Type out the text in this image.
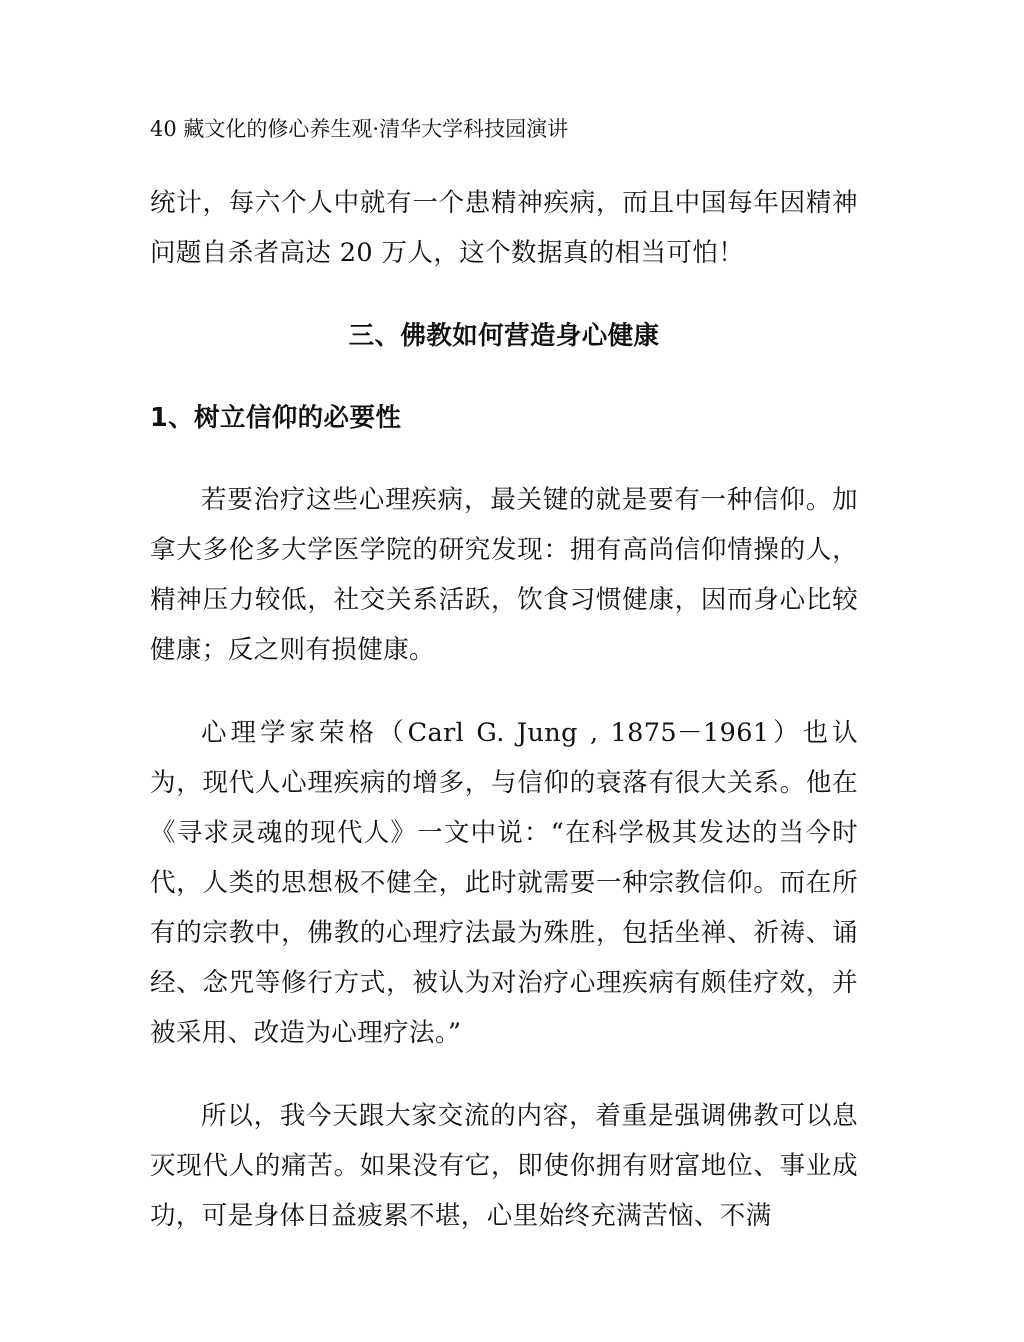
40 藏文化的修心养生观·清华大学科技园演讲

统计，每六个人中就有一个患精神疾病，而且中国每年因精神问题自杀者高达 20 万人，这个数据真的相当可怕！

三、佛教如何营造身心健康
1、树立信仰的必要性

若要治疗这些心理疾病，最关键的就是要有一种信仰。加拿大多伦多大学医学院的研究发现：拥有高尚信仰情操的人，精神压力较低，社交关系活跃，饮食习惯健康，因而身心比较健康；反之则有损健康。

心理学家荣格（Carl G. Jung , 1875－1961）也认为，现代人心理疾病的增多，与信仰的衰落有很大关系。他在《寻求灵魂的现代人》一文中说：“在科学极其发达的当今时代，人类的思想极不健全，此时就需要一种宗教信仰。而在所有的宗教中，佛教的心理疗法最为殊胜，包括坐禅、祈祷、诵经、念咒等修行方式，被认为对治疗心理疾病有颇佳疗效，并被采用、改造为心理疗法。”

所以，我今天跟大家交流的内容，着重是强调佛教可以息灭现代人的痛苦。如果没有它，即使你拥有财富地位、事业成功，可是身体日益疲累不堪，心里始终充满苦恼、不满
